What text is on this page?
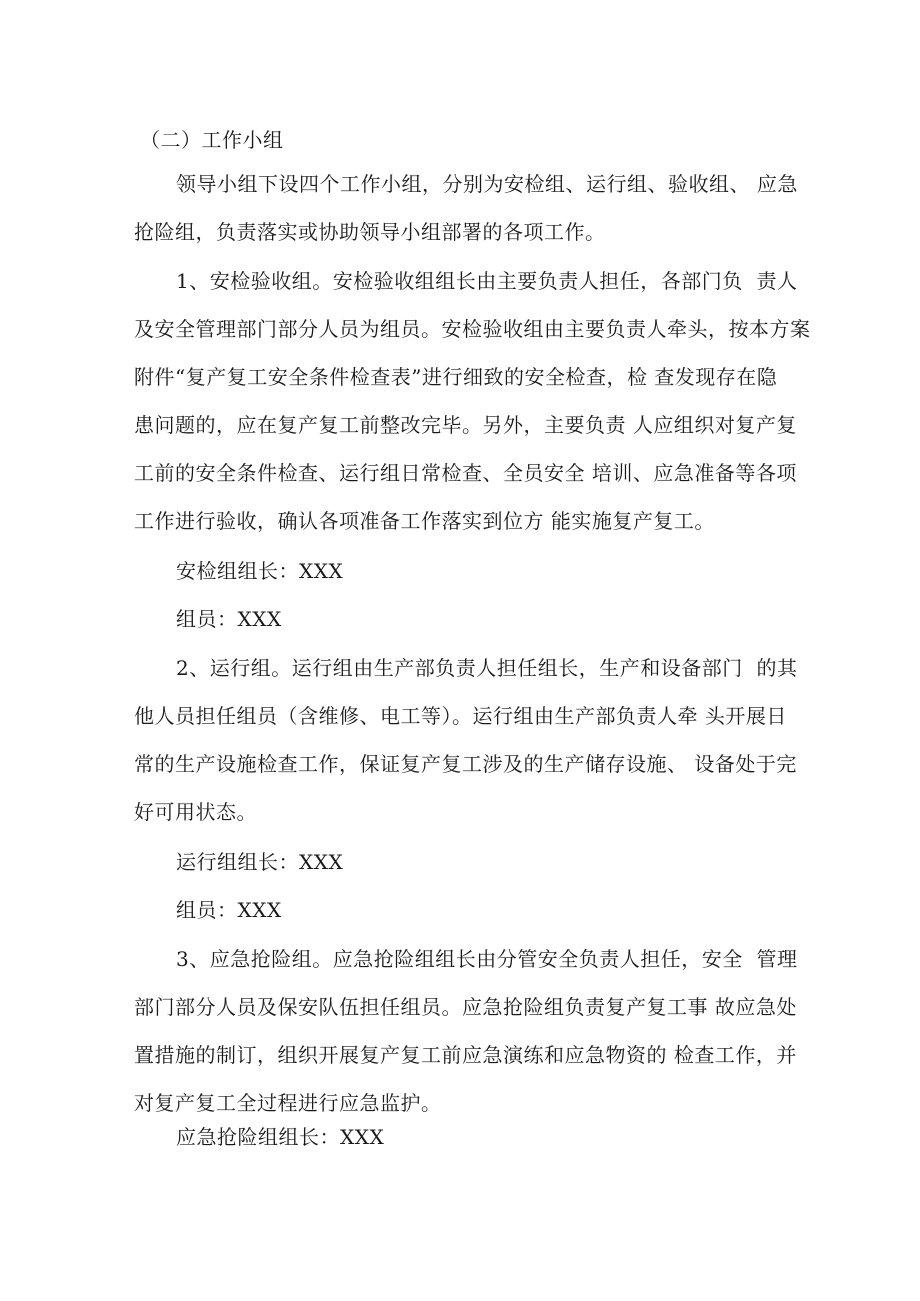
（二）工作小组
领导小组下设四个工作小组，分别为安检组、运行组、验收组、 应急
抢险组，负责落实或协助领导小组部署的各项工作。
1、安检验收组。安检验收组组长由主要负责人担任，各部门负  责人
及安全管理部门部分人员为组员。安检验收组由主要负责人牵头，按本方案
附件“复产复工安全条件检查表”进行细致的安全检查，检 查发现存在隐
患问题的，应在复产复工前整改完毕。另外，主要负责 人应组织对复产复
工前的安全条件检查、运行组日常检查、全员安全 培训、应急准备等各项
工作进行验收，确认各项准备工作落实到位方 能实施复产复工。
安检组组长：XXX
组员：XXX
2、运行组。运行组由生产部负责人担任组长，生产和设备部门  的其
他人员担任组员（含维修、电工等）。运行组由生产部负责人牵 头开展日
常的生产设施检查工作，保证复产复工涉及的生产储存设施、 设备处于完
好可用状态。
运行组组长：XXX
组员：XXX
3、应急抢险组。应急抢险组组长由分管安全负责人担任，安全  管理
部门部分人员及保安队伍担任组员。应急抢险组负责复产复工事 故应急处
置措施的制订，组织开展复产复工前应急演练和应急物资的 检查工作，并
对复产复工全过程进行应急监护。
应急抢险组组长：XXX
